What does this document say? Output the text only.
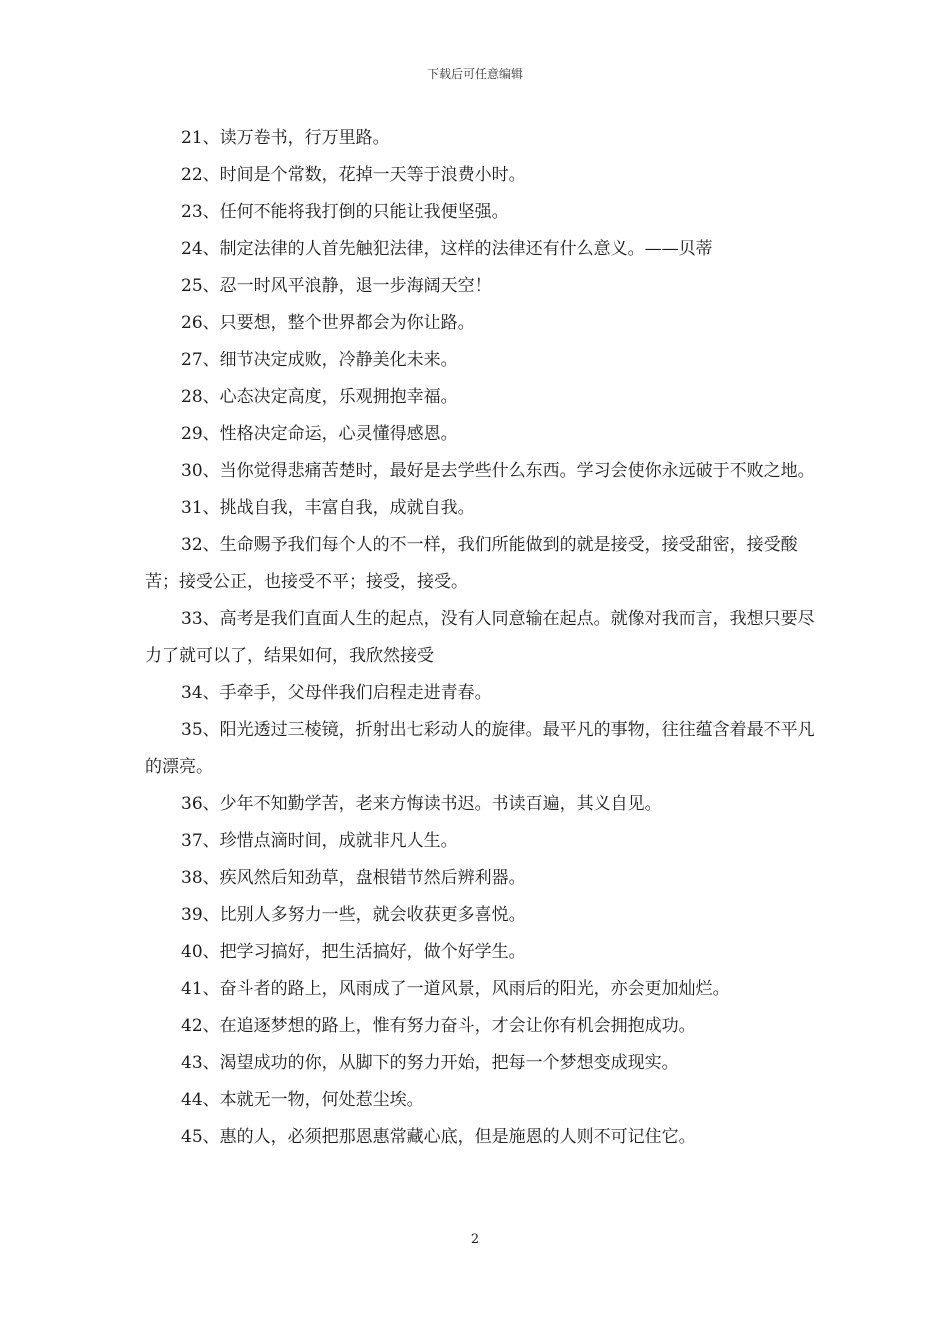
下载后可任意编辑

21、读万卷书，行万里路。

22、时间是个常数，花掉一天等于浪费小时。

23、任何不能将我打倒的只能让我便坚强。

24、制定法律的人首先触犯法律，这样的法律还有什么意义。——贝蒂

25、忍一时风平浪静，退一步海阔天空！

26、只要想，整个世界都会为你让路。

27、细节决定成败，冷静美化未来。

28、心态决定高度，乐观拥抱幸福。

29、性格决定命运，心灵懂得感恩。

30、当你觉得悲痛苦楚时，最好是去学些什么东西。学习会使你永远破于不败之地。

31、挑战自我，丰富自我，成就自我。

32、生命赐予我们每个人的不一样，我们所能做到的就是接受，接受甜密，接受酸苦；接受公正，也接受不平；接受，接受。

33、高考是我们直面人生的起点，没有人同意输在起点。就像对我而言，我想只要尽力了就可以了，结果如何，我欣然接受

34、手牵手，父母伴我们启程走进青春。

35、阳光透过三棱镜，折射出七彩动人的旋律。最平凡的事物，往往蕴含着最不平凡的漂亮。

36、少年不知勤学苦，老来方悔读书迟。书读百遍，其义自见。

37、珍惜点滴时间，成就非凡人生。

38、疾风然后知劲草，盘根错节然后辨利器。

39、比别人多努力一些，就会收获更多喜悦。

40、把学习搞好，把生活搞好，做个好学生。

41、奋斗者的路上，风雨成了一道风景，风雨后的阳光，亦会更加灿烂。

42、在追逐梦想的路上，惟有努力奋斗，才会让你有机会拥抱成功。

43、渴望成功的你，从脚下的努力开始，把每一个梦想变成现实。

44、本就无一物，何处惹尘埃。

45、惠的人，必须把那恩惠常藏心底，但是施恩的人则不可记住它。

2
